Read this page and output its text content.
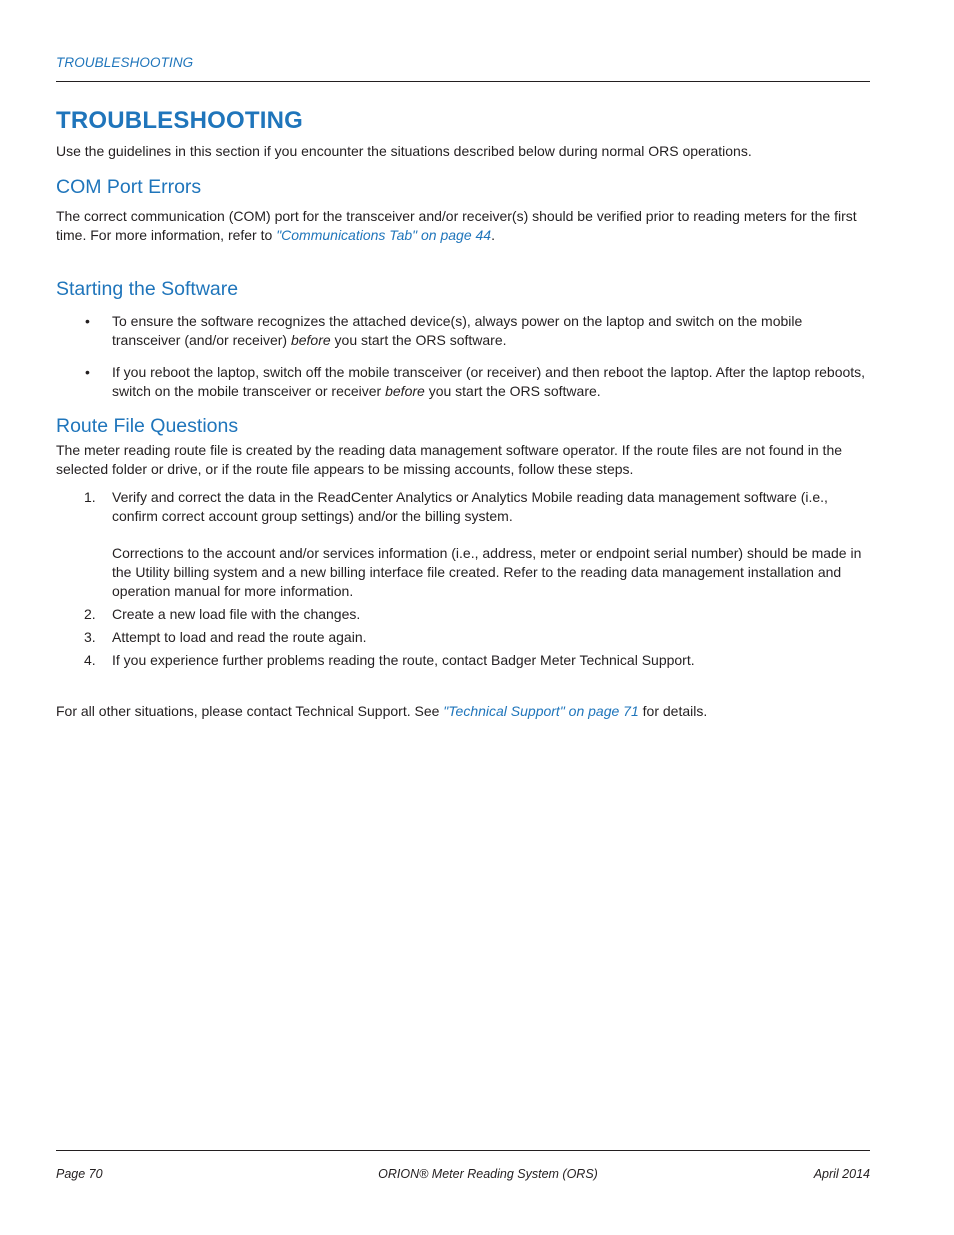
TROUBLESHOOTING
TROUBLESHOOTING

Use the guidelines in this section if you encounter the situations described below during normal ORS operations.

COM Port Errors

The correct communication (COM) port for the transceiver and/or receiver(s) should be verified prior to reading meters for the first time. For more information, refer to "Communications Tab" on page 44.

Starting the Software
• To ensure the software recognizes the attached device(s), always power on the laptop and switch on the mobile transceiver (and/or receiver) before you start the ORS software.

• If you reboot the laptop, switch off the mobile transceiver (or receiver) and then reboot the laptop. After the laptop reboots, switch on the mobile transceiver or receiver before you start the ORS software.

Route File Questions

The meter reading route file is created by the reading data management software operator. If the route files are not found in the selected folder or drive, or if the route file appears to be missing accounts, follow these steps.

1. Verify and correct the data in the ReadCenter Analytics or Analytics Mobile reading data management software (i.e., confirm correct account group settings) and/or the billing system.

Corrections to the account and/or services information (i.e., address, meter or endpoint serial number) should be made in the Utility billing system and a new billing interface file created. Refer to the reading data management installation and operation manual for more information.

2. Create a new load file with the changes.

3. Attempt to load and read the route again.

4. If you experience further problems reading the route, contact Badger Meter Technical Support.

For all other situations, please contact Technical Support. See "Technical Support" on page 71 for details.

Page 70	ORION® Meter Reading System (ORS)	April 2014
